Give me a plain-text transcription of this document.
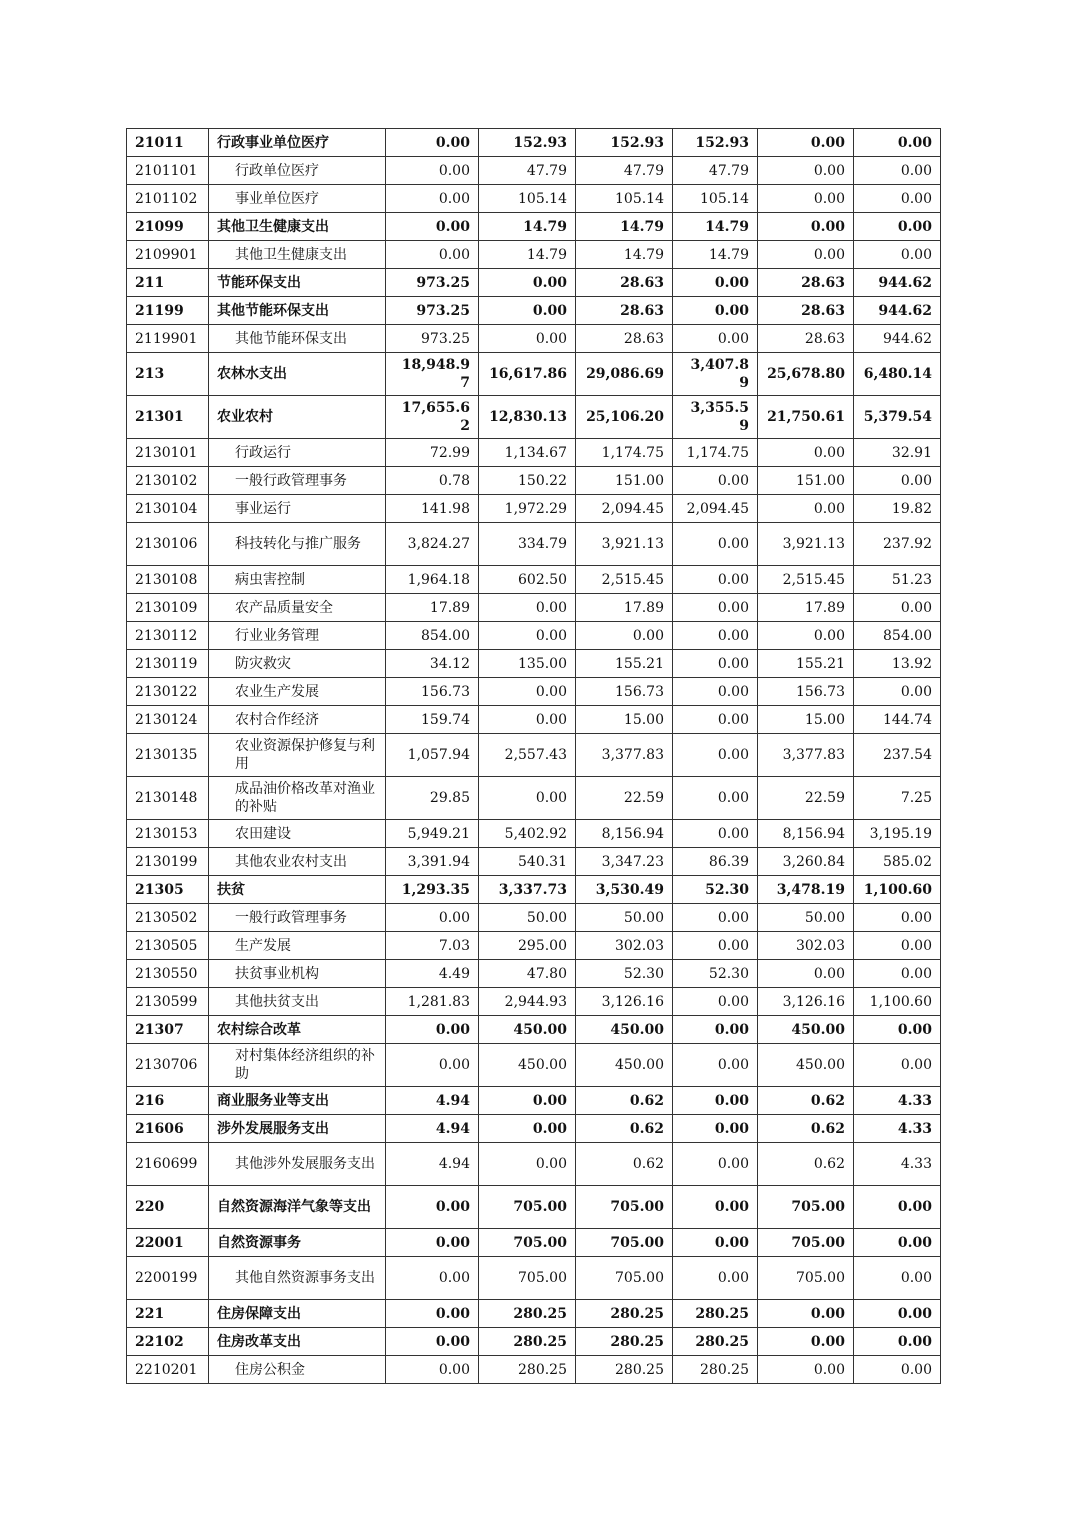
21011	行政事业单位医疗	0.00	152.93	152.93	152.93	0.00	0.00
2101101	行政单位医疗	0.00	47.79	47.79	47.79	0.00	0.00
2101102	事业单位医疗	0.00	105.14	105.14	105.14	0.00	0.00
21099	其他卫生健康支出	0.00	14.79	14.79	14.79	0.00	0.00
2109901	其他卫生健康支出	0.00	14.79	14.79	14.79	0.00	0.00
211	节能环保支出	973.25	0.00	28.63	0.00	28.63	944.62
21199	其他节能环保支出	973.25	0.00	28.63	0.00	28.63	944.62
2119901	其他节能环保支出	973.25	0.00	28.63	0.00	28.63	944.62
213	农林水支出	18,948.97	16,617.86	29,086.69	3,407.89	25,678.80	6,480.14
21301	农业农村	17,655.62	12,830.13	25,106.20	3,355.59	21,750.61	5,379.54
2130101	行政运行	72.99	1,134.67	1,174.75	1,174.75	0.00	32.91
2130102	一般行政管理事务	0.78	150.22	151.00	0.00	151.00	0.00
2130104	事业运行	141.98	1,972.29	2,094.45	2,094.45	0.00	19.82
2130106	科技转化与推广服务	3,824.27	334.79	3,921.13	0.00	3,921.13	237.92
2130108	病虫害控制	1,964.18	602.50	2,515.45	0.00	2,515.45	51.23
2130109	农产品质量安全	17.89	0.00	17.89	0.00	17.89	0.00
2130112	行业业务管理	854.00	0.00	0.00	0.00	0.00	854.00
2130119	防灾救灾	34.12	135.00	155.21	0.00	155.21	13.92
2130122	农业生产发展	156.73	0.00	156.73	0.00	156.73	0.00
2130124	农村合作经济	159.74	0.00	15.00	0.00	15.00	144.74
2130135	农业资源保护修复与利用	1,057.94	2,557.43	3,377.83	0.00	3,377.83	237.54
2130148	成品油价格改革对渔业的补贴	29.85	0.00	22.59	0.00	22.59	7.25
2130153	农田建设	5,949.21	5,402.92	8,156.94	0.00	8,156.94	3,195.19
2130199	其他农业农村支出	3,391.94	540.31	3,347.23	86.39	3,260.84	585.02
21305	扶贫	1,293.35	3,337.73	3,530.49	52.30	3,478.19	1,100.60
2130502	一般行政管理事务	0.00	50.00	50.00	0.00	50.00	0.00
2130505	生产发展	7.03	295.00	302.03	0.00	302.03	0.00
2130550	扶贫事业机构	4.49	47.80	52.30	52.30	0.00	0.00
2130599	其他扶贫支出	1,281.83	2,944.93	3,126.16	0.00	3,126.16	1,100.60
21307	农村综合改革	0.00	450.00	450.00	0.00	450.00	0.00
2130706	对村集体经济组织的补助	0.00	450.00	450.00	0.00	450.00	0.00
216	商业服务业等支出	4.94	0.00	0.62	0.00	0.62	4.33
21606	涉外发展服务支出	4.94	0.00	0.62	0.00	0.62	4.33
2160699	其他涉外发展服务支出	4.94	0.00	0.62	0.00	0.62	4.33
220	自然资源海洋气象等支出	0.00	705.00	705.00	0.00	705.00	0.00
22001	自然资源事务	0.00	705.00	705.00	0.00	705.00	0.00
2200199	其他自然资源事务支出	0.00	705.00	705.00	0.00	705.00	0.00
221	住房保障支出	0.00	280.25	280.25	280.25	0.00	0.00
22102	住房改革支出	0.00	280.25	280.25	280.25	0.00	0.00
2210201	住房公积金	0.00	280.25	280.25	280.25	0.00	0.00
